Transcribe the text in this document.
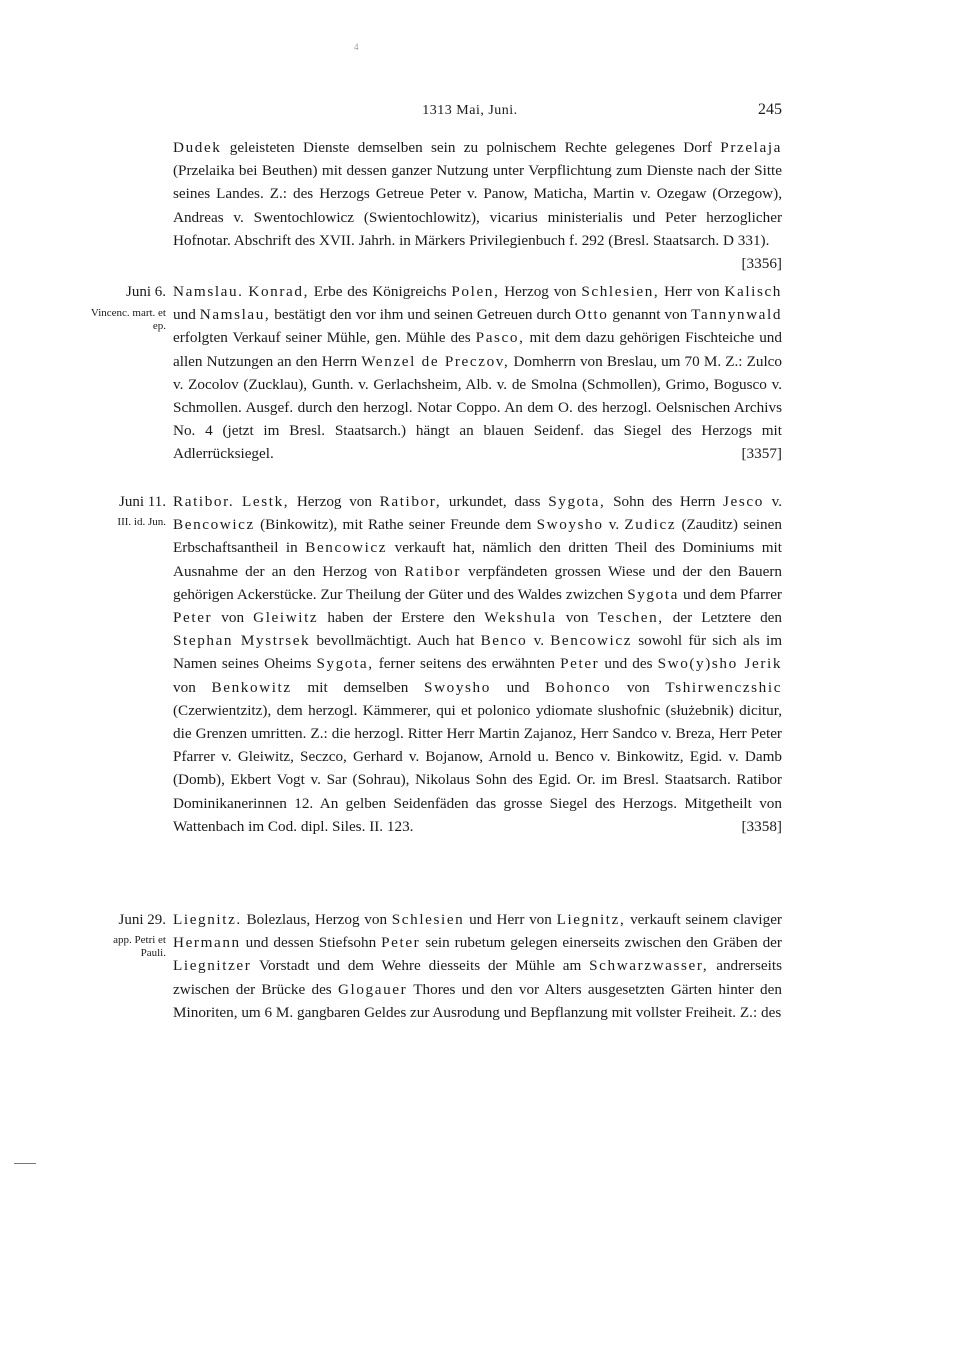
4
1313 Mai, Juni.	245
Dudek geleisteten Dienste demselben sein zu polnischem Rechte gelegenes Dorf Przelaja (Przelaika bei Beuthen) mit dessen ganzer Nutzung unter Verpflichtung zum Dienste nach der Sitte seines Landes. Z.: des Herzogs Getreue Peter v. Panow, Maticha, Martin v. Ozegaw (Orzegow), Andreas v. Swentochlowicz (Swientochlowitz), vicarius ministerialis und Peter herzoglicher Hofnotar. Abschrift des XVII. Jahrh. in Märkers Privilegienbuch f. 292 (Bresl. Staatsarch. D 331).
[3356]
Juni 6.
Vincenc. mart. et ep.
Namslau. Konrad, Erbe des Königreichs Polen, Herzog von Schlesien, Herr von Kalisch und Namslau, bestätigt den vor ihm und seinen Getreuen durch Otto genannt von Tannynwald erfolgten Verkauf seiner Mühle, gen. Mühle des Pasco, mit dem dazu gehörigen Fischteiche und allen Nutzungen an den Herrn Wenzel de Preczov, Domherrn von Breslau, um 70 M. Z.: Zulco v. Zocolov (Zucklau), Gunth. v. Gerlachsheim, Alb. v. de Smolna (Schmollen), Grimo, Bogusco v. Schmollen. Ausgef. durch den herzogl. Notar Coppo. An dem O. des herzogl. Oelsnischen Archivs No. 4 (jetzt im Bresl. Staatsarch.) hängt an blauen Seidenf. das Siegel des Herzogs mit Adlerrücksiegel.	[3357]
Juni 11.
III. id. Jun.
Ratibor. Lestk, Herzog von Ratibor, urkundet, dass Sygota, Sohn des Herrn Jesco v. Bencowicz (Binkowitz), mit Rathe seiner Freunde dem Swoysho v. Zudicz (Zauditz) seinen Erbschaftsantheil in Bencowicz verkauft hat, nämlich den dritten Theil des Dominiums mit Ausnahme der an den Herzog von Ratibor verpfändeten grossen Wiese und der den Bauern gehörigen Ackerstücke. Zur Theilung der Güter und des Waldes zwizchen Sygota und dem Pfarrer Peter von Gleiwitz haben der Erstere den Wekshula von Teschen, der Letztere den Stephan Mystrsek bevollmächtigt. Auch hat Benco v. Bencowicz sowohl für sich als im Namen seines Oheims Sygota, ferner seitens des erwähnten Peter und des Swo(y)sho Jerik von Benkowitz mit demselben Swoysho und Bohonco von Tshirwenczshic (Czerwientzitz), dem herzogl. Kämmerer, qui et polonico ydiomate slushofnic (służebnik) dicitur, die Grenzen umritten. Z.: die herzogl. Ritter Herr Martin Zajanoz, Herr Sandco v. Breza, Herr Peter Pfarrer v. Gleiwitz, Seczco, Gerhard v. Bojanow, Arnold u. Benco v. Binkowitz, Egid. v. Damb (Domb), Ekbert Vogt v. Sar (Sohrau), Nikolaus Sohn des Egid. Or. im Bresl. Staatsarch. Ratibor Dominikanerinnen 12. An gelben Seidenfäden das grosse Siegel des Herzogs. Mitgetheilt von Wattenbach im Cod. dipl. Siles. II. 123.	[3358]
Juni 29.
app. Petri et Pauli.
Liegnitz. Bolezlaus, Herzog von Schlesien und Herr von Liegnitz, verkauft seinem claviger Hermann und dessen Stiefsohn Peter sein rubetum gelegen einerseits zwischen den Gräben der Liegnitzer Vorstadt und dem Wehre diesseits der Mühle am Schwarzwasser, andrerseits zwischen der Brücke des Glogauer Thores und den vor Alters ausgesetzten Gärten hinter den Minoriten, um 6 M. gangbaren Geldes zur Ausrodung und Bepflanzung mit vollster Freiheit. Z.: des
